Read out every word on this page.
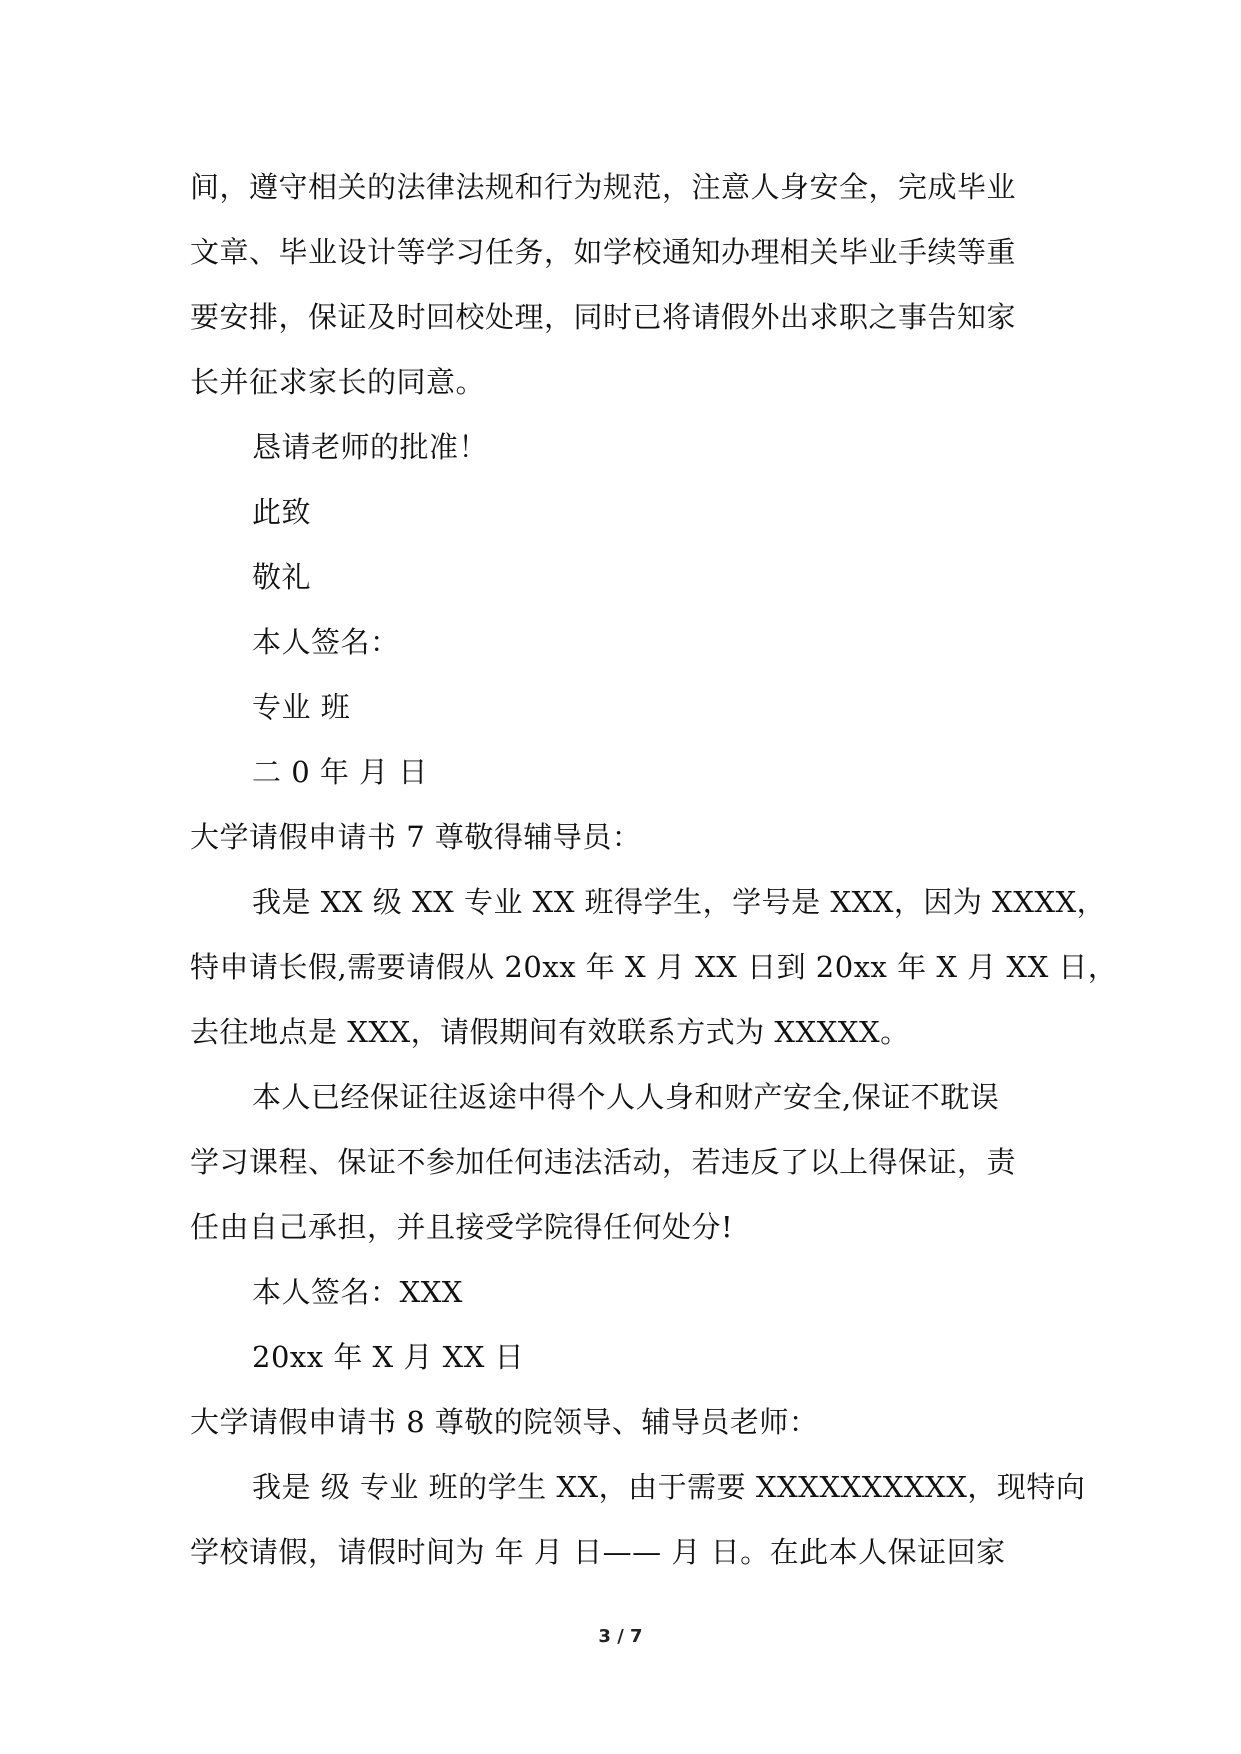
间，遵守相关的法律法规和行为规范，注意人身安全，完成毕业
文章、毕业设计等学习任务，如学校通知办理相关毕业手续等重
要安排，保证及时回校处理，同时已将请假外出求职之事告知家
长并征求家长的同意。
恳请老师的批准！
此致
敬礼
本人签名：
专业 班
二 0 年 月 日
大学请假申请书 7 尊敬得辅导员：
我是 XX 级 XX 专业 XX 班得学生，学号是 XXX，因为 XXXX，
特申请长假,需要请假从 20xx 年 X 月 XX 日到 20xx 年 X 月 XX 日，
去往地点是 XXX，请假期间有效联系方式为 XXXXX。
本人已经保证往返途中得个人人身和财产安全,保证不耽误
学习课程、保证不参加任何违法活动，若违反了以上得保证，责
任由自己承担，并且接受学院得任何处分!
本人签名：XXX
20xx 年 X 月 XX 日
大学请假申请书 8 尊敬的院领导、辅导员老师：
我是 级 专业 班的学生 XX，由于需要 XXXXXXXXXX，现特向
学校请假，请假时间为 年 月 日—— 月 日。在此本人保证回家
3 / 7
